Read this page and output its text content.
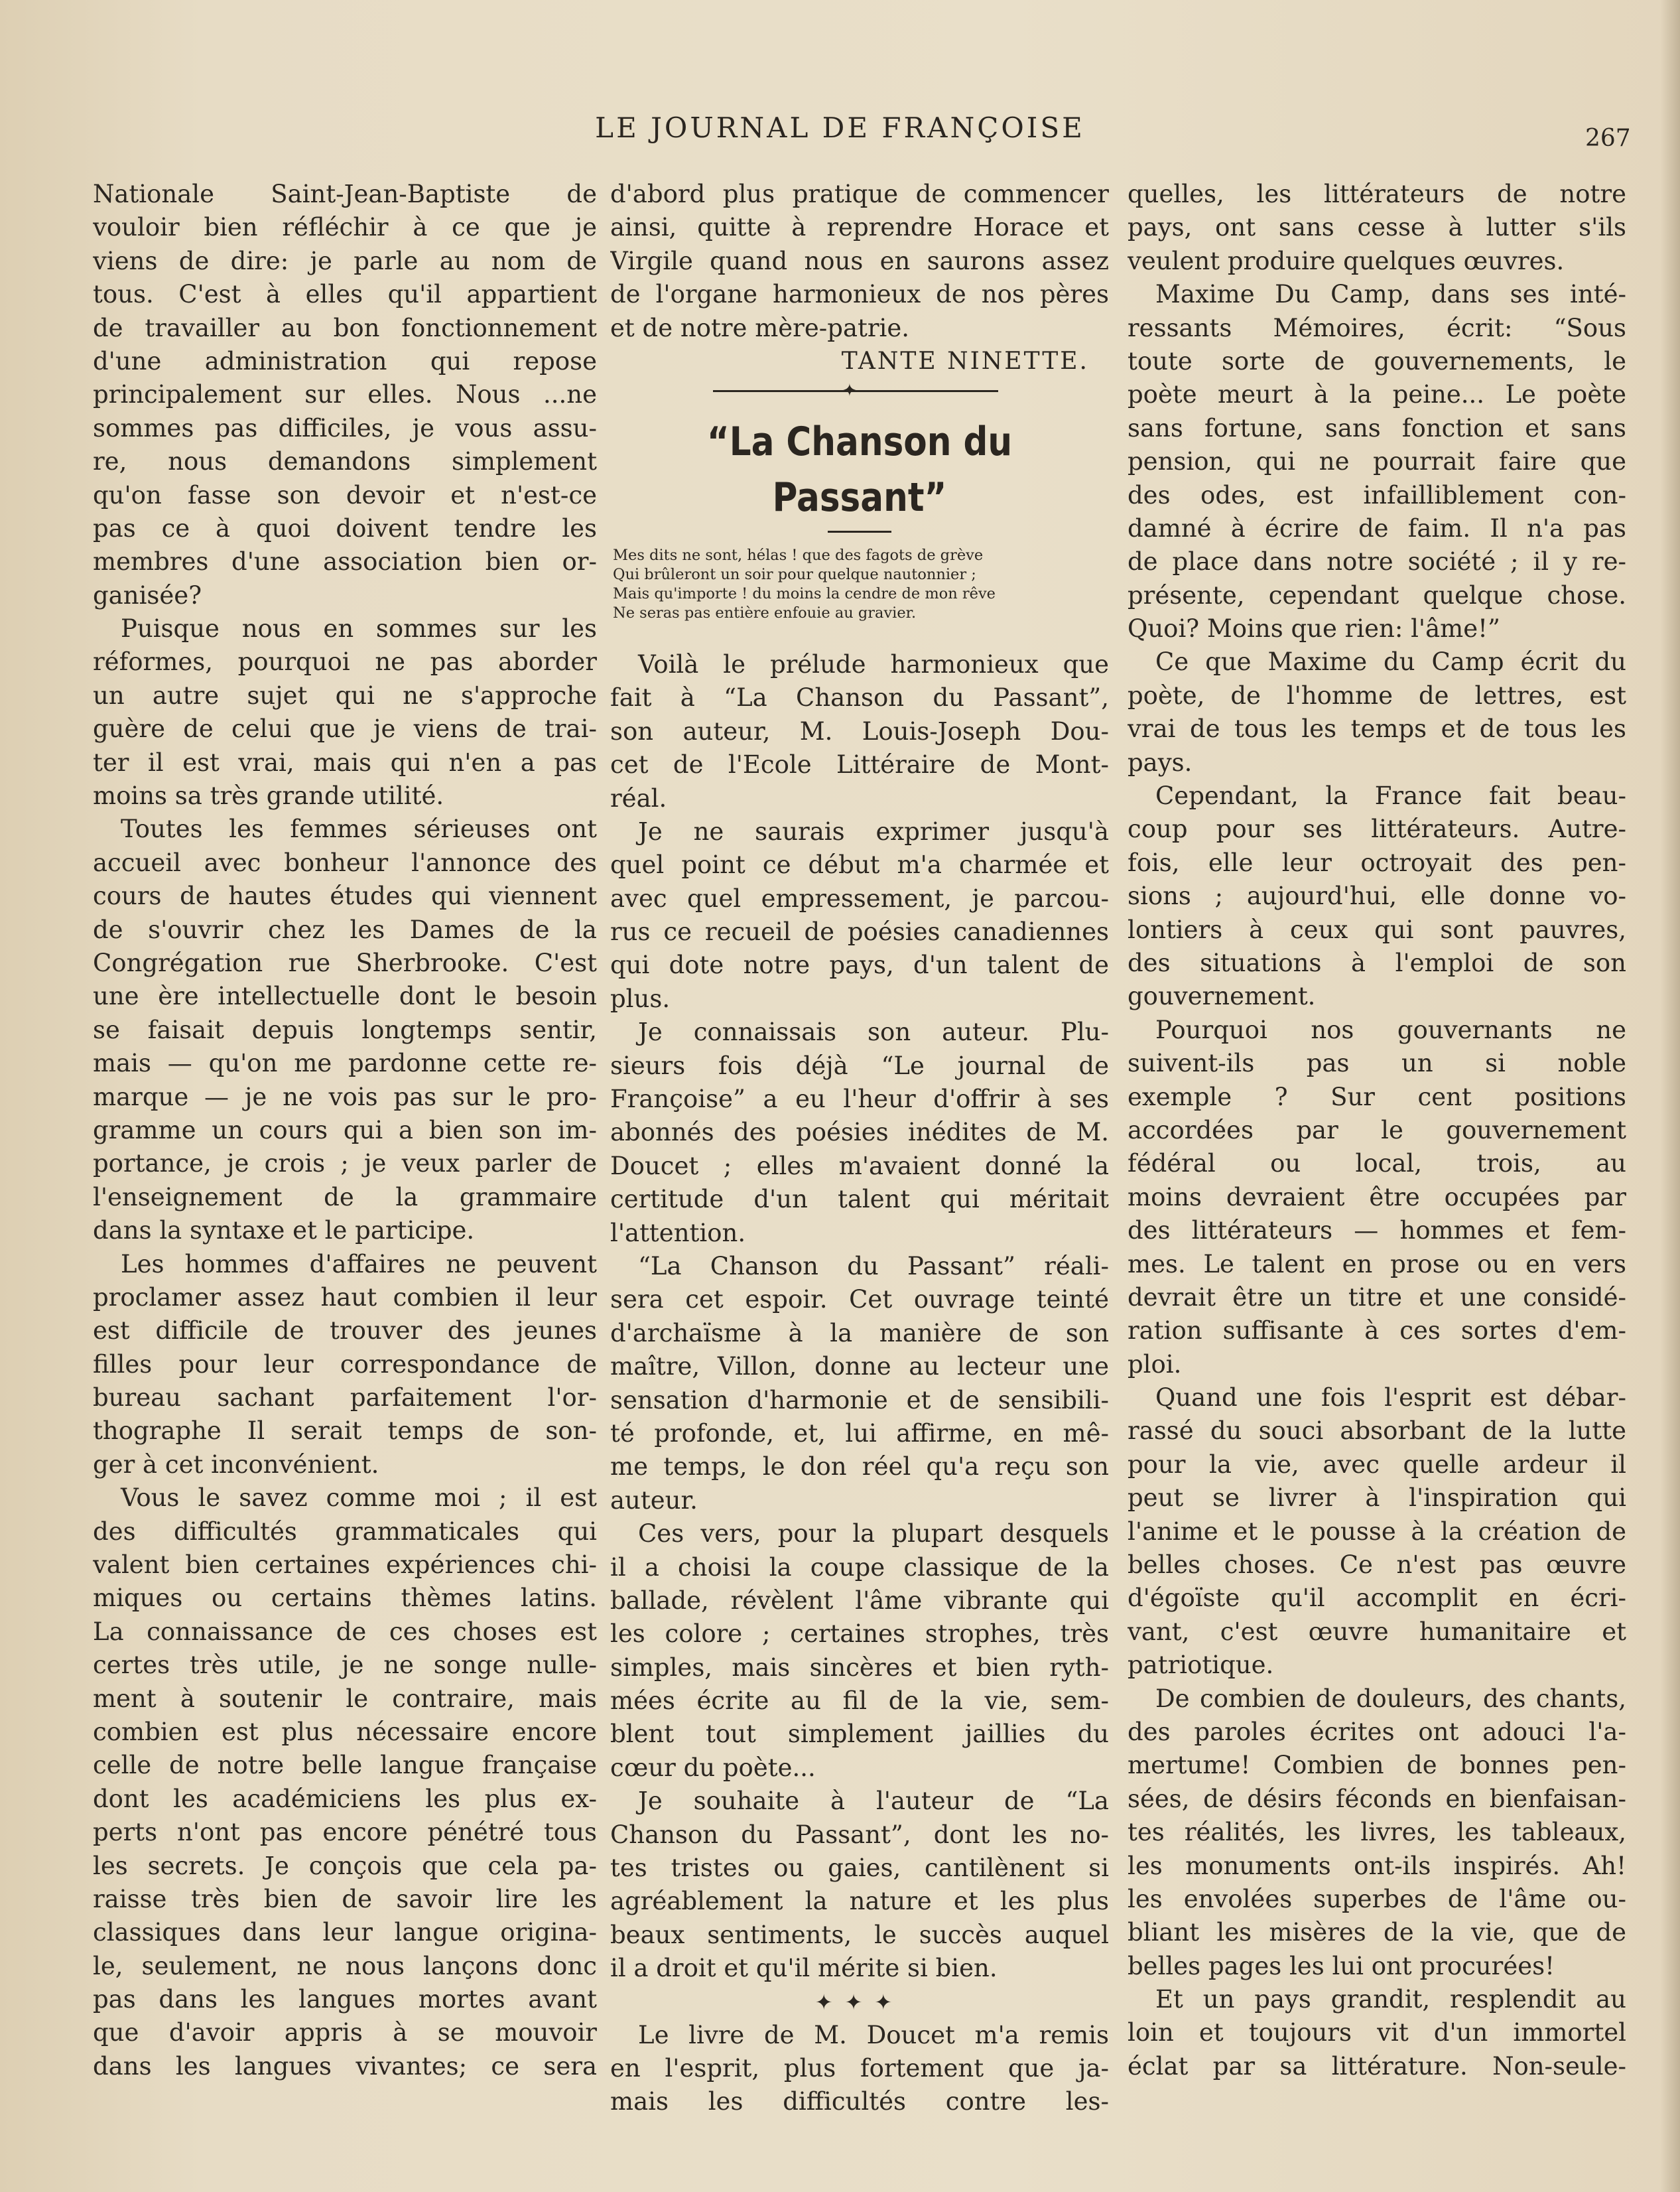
LE JOURNAL DE FRANÇOISE	267
Nationale Saint-Jean-Baptiste de
vouloir bien réfléchir à ce que je
viens de dire: je parle au nom de
tous. C'est à elles qu'il appartient
de travailler au bon fonctionnement
d'une administration qui repose
principalement sur elles. Nous ...ne
sommes pas difficiles, je vous assu-
re, nous demandons simplement
qu'on fasse son devoir et n'est-ce
pas ce à quoi doivent tendre les
membres d'une association bien or-
ganisée?
Puisque nous en sommes sur les
réformes, pourquoi ne pas aborder
un autre sujet qui ne s'approche
guère de celui que je viens de trai-
ter il est vrai, mais qui n'en a pas
moins sa très grande utilité.
Toutes les femmes sérieuses ont
accueil avec bonheur l'annonce des
cours de hautes études qui viennent
de s'ouvrir chez les Dames de la
Congrégation rue Sherbrooke. C'est
une ère intellectuelle dont le besoin
se faisait depuis longtemps sentir,
mais — qu'on me pardonne cette re-
marque — je ne vois pas sur le pro-
gramme un cours qui a bien son im-
portance, je crois ; je veux parler de
l'enseignement de la grammaire
dans la syntaxe et le participe.
Les hommes d'affaires ne peuvent
proclamer assez haut combien il leur
est difficile de trouver des jeunes
filles pour leur correspondance de
bureau sachant parfaitement l'or-
thographe Il serait temps de son-
ger à cet inconvénient.
Vous le savez comme moi ; il est
des difficultés grammaticales qui
valent bien certaines expériences chi-
miques ou certains thèmes latins.
La connaissance de ces choses est
certes très utile, je ne songe nulle-
ment à soutenir le contraire, mais
combien est plus nécessaire encore
celle de notre belle langue française
dont les académiciens les plus ex-
perts n'ont pas encore pénétré tous
les secrets. Je conçois que cela pa-
raisse très bien de savoir lire les
classiques dans leur langue origina-
le, seulement, ne nous lançons donc
pas dans les langues mortes avant
que d'avoir appris à se mouvoir
dans les langues vivantes; ce sera
d'abord plus pratique de commencer
ainsi, quitte à reprendre Horace et
Virgile quand nous en saurons assez
de l'organe harmonieux de nos pères
et de notre mère-patrie.
TANTE NINETTE.
✦
“La Chanson du Passant”
Mes dits ne sont, hélas ! que des fagots de grève
Qui brûleront un soir pour quelque nautonnier ;
Mais qu'importe ! du moins la cendre de mon rêve
Ne seras pas entière enfouie au gravier.
Voilà le prélude harmonieux que
fait à “La Chanson du Passant”,
son auteur, M. Louis-Joseph Dou-
cet de l'Ecole Littéraire de Mont-
réal.
Je ne saurais exprimer jusqu'à
quel point ce début m'a charmée et
avec quel empressement, je parcou-
rus ce recueil de poésies canadiennes
qui dote notre pays, d'un talent de
plus.
Je connaissais son auteur. Plu-
sieurs fois déjà “Le journal de
Françoise” a eu l'heur d'offrir à ses
abonnés des poésies inédites de M.
Doucet ; elles m'avaient donné la
certitude d'un talent qui méritait
l'attention.
“La Chanson du Passant” réali-
sera cet espoir. Cet ouvrage teinté
d'archaïsme à la manière de son
maître, Villon, donne au lecteur une
sensation d'harmonie et de sensibili-
té profonde, et, lui affirme, en mê-
me temps, le don réel qu'a reçu son
auteur.
Ces vers, pour la plupart desquels
il a choisi la coupe classique de la
ballade, révèlent l'âme vibrante qui
les colore ; certaines strophes, très
simples, mais sincères et bien ryth-
mées écrite au fil de la vie, sem-
blent tout simplement jaillies du
cœur du poète...
Je souhaite à l'auteur de “La
Chanson du Passant”, dont les no-
tes tristes ou gaies, cantilènent si
agréablement la nature et les plus
beaux sentiments, le succès auquel
il a droit et qu'il mérite si bien.
✦✦✦
Le livre de M. Doucet m'a remis
en l'esprit, plus fortement que ja-
mais les difficultés contre les-
quelles, les littérateurs de notre
pays, ont sans cesse à lutter s'ils
veulent produire quelques œuvres.
Maxime Du Camp, dans ses inté-
ressants Mémoires, écrit: “Sous
toute sorte de gouvernements, le
poète meurt à la peine... Le poète
sans fortune, sans fonction et sans
pension, qui ne pourrait faire que
des odes, est infailliblement con-
damné à écrire de faim. Il n'a pas
de place dans notre société ; il y re-
présente, cependant quelque chose.
Quoi? Moins que rien: l'âme!”
Ce que Maxime du Camp écrit du
poète, de l'homme de lettres, est
vrai de tous les temps et de tous les
pays.
Cependant, la France fait beau-
coup pour ses littérateurs. Autre-
fois, elle leur octroyait des pen-
sions ; aujourd'hui, elle donne vo-
lontiers à ceux qui sont pauvres,
des situations à l'emploi de son
gouvernement.
Pourquoi nos gouvernants ne
suivent-ils pas un si noble
exemple ? Sur cent positions
accordées par le gouvernement
fédéral ou local, trois, au
moins devraient être occupées par
des littérateurs — hommes et fem-
mes. Le talent en prose ou en vers
devrait être un titre et une considé-
ration suffisante à ces sortes d'em-
ploi.
Quand une fois l'esprit est débar-
rassé du souci absorbant de la lutte
pour la vie, avec quelle ardeur il
peut se livrer à l'inspiration qui
l'anime et le pousse à la création de
belles choses. Ce n'est pas œuvre
d'égoïste qu'il accomplit en écri-
vant, c'est œuvre humanitaire et
patriotique.
De combien de douleurs, des chants,
des paroles écrites ont adouci l'a-
mertume! Combien de bonnes pen-
sées, de désirs féconds en bienfaisan-
tes réalités, les livres, les tableaux,
les monuments ont-ils inspirés. Ah!
les envolées superbes de l'âme ou-
bliant les misères de la vie, que de
belles pages les lui ont procurées!
Et un pays grandit, resplendit au
loin et toujours vit d'un immortel
éclat par sa littérature. Non-seule-
